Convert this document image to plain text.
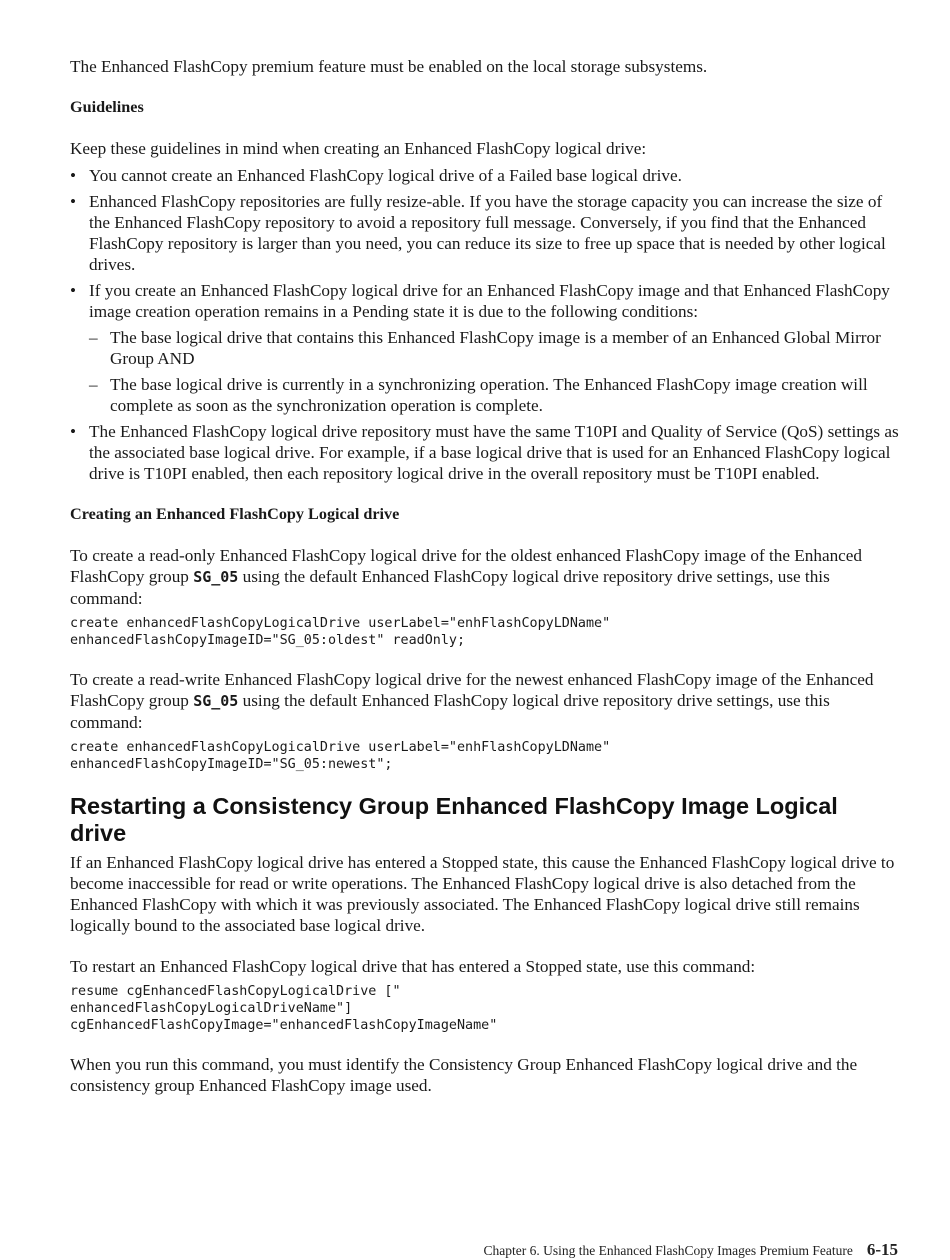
The Enhanced FlashCopy premium feature must be enabled on the local storage subsystems.

Guidelines

Keep these guidelines in mind when creating an Enhanced FlashCopy logical drive:

• You cannot create an Enhanced FlashCopy logical drive of a Failed base logical drive.
• Enhanced FlashCopy repositories are fully resize-able. If you have the storage capacity you can increase the size of the Enhanced FlashCopy repository to avoid a repository full message. Conversely, if you find that the Enhanced FlashCopy repository is larger than you need, you can reduce its size to free up space that is needed by other logical drives.
• If you create an Enhanced FlashCopy logical drive for an Enhanced FlashCopy image and that Enhanced FlashCopy image creation operation remains in a Pending state it is due to the following conditions:
– The base logical drive that contains this Enhanced FlashCopy image is a member of an Enhanced Global Mirror Group AND
– The base logical drive is currently in a synchronizing operation. The Enhanced FlashCopy image creation will complete as soon as the synchronization operation is complete.
• The Enhanced FlashCopy logical drive repository must have the same T10PI and Quality of Service (QoS) settings as the associated base logical drive. For example, if a base logical drive that is used for an Enhanced FlashCopy logical drive is T10PI enabled, then each repository logical drive in the overall repository must be T10PI enabled.
Creating an Enhanced FlashCopy Logical drive

To create a read-only Enhanced FlashCopy logical drive for the oldest enhanced FlashCopy image of the Enhanced FlashCopy group SG_05 using the default Enhanced FlashCopy logical drive repository drive settings, use this command:

create enhancedFlashCopyLogicalDrive userLabel="enhFlashCopyLDName"
enhancedFlashCopyImageID="SG_05:oldest" readOnly;

To create a read-write Enhanced FlashCopy logical drive for the newest enhanced FlashCopy image of the Enhanced FlashCopy group SG_05 using the default Enhanced FlashCopy logical drive repository drive settings, use this command:

create enhancedFlashCopyLogicalDrive userLabel="enhFlashCopyLDName"
enhancedFlashCopyImageID="SG_05:newest";
Restarting a Consistency Group Enhanced FlashCopy Image Logical drive

If an Enhanced FlashCopy logical drive has entered a Stopped state, this cause the Enhanced FlashCopy logical drive to become inaccessible for read or write operations. The Enhanced FlashCopy logical drive is also detached from the Enhanced FlashCopy with which it was previously associated. The Enhanced FlashCopy logical drive still remains logically bound to the associated base logical drive.

To restart an Enhanced FlashCopy logical drive that has entered a Stopped state, use this command:

resume cgEnhancedFlashCopyLogicalDrive ["
enhancedFlashCopyLogicalDriveName"]
cgEnhancedFlashCopyImage="enhancedFlashCopyImageName"

When you run this command, you must identify the Consistency Group Enhanced FlashCopy logical drive and the consistency group Enhanced FlashCopy image used.

Chapter 6. Using the Enhanced FlashCopy Images Premium Feature 6-15
